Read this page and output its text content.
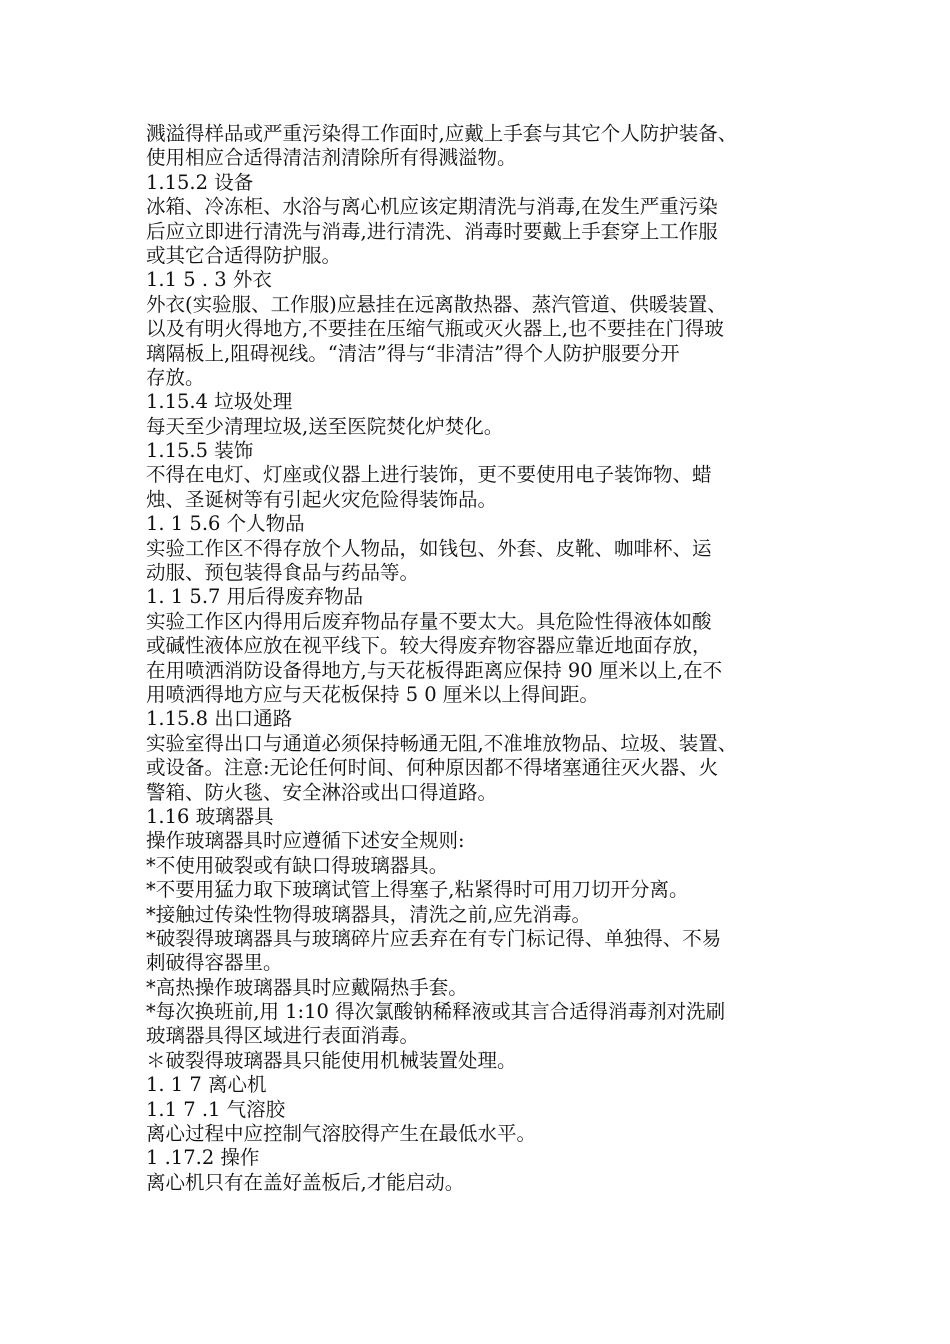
溅溢得样品或严重污染得工作面时,应戴上手套与其它个人防护装备、
使用相应合适得清洁剂清除所有得溅溢物。
1.15.2 设备
冰箱、冷冻柜、水浴与离心机应该定期清洗与消毒,在发生严重污染
后应立即进行清洗与消毒,进行清洗、消毒时要戴上手套穿上工作服
或其它合适得防护服。
1.1 5 . 3 外衣
外衣(实验服、工作服)应悬挂在远离散热器、蒸汽管道、供暖装置、
以及有明火得地方,不要挂在压缩气瓶或灭火器上,也不要挂在门得玻
璃隔板上,阻碍视线。“清洁”得与“非清洁”得个人防护服要分开
存放。
1.15.4 垃圾处理
每天至少清理垃圾,送至医院焚化炉焚化。
1.15.5 装饰
不得在电灯、灯座或仪器上进行装饰，更不要使用电子装饰物、蜡
烛、圣诞树等有引起火灾危险得装饰品。
1. 1 5.6 个人物品
实验工作区不得存放个人物品，如钱包、外套、皮靴、咖啡杯、运
动服、预包装得食品与药品等。
1. 1 5.7 用后得废弃物品
实验工作区内得用后废弃物品存量不要太大。具危险性得液体如酸
或碱性液体应放在视平线下。较大得废弃物容器应靠近地面存放，
在用喷洒消防设备得地方,与天花板得距离应保持 90 厘米以上,在不
用喷洒得地方应与天花板保持 5 0 厘米以上得间距。
1.15.8 出口通路
实验室得出口与通道必须保持畅通无阻,不准堆放物品、垃圾、装置、
或设备。注意:无论任何时间、何种原因都不得堵塞通往灭火器、火
警箱、防火毯、安全淋浴或出口得道路。
1.16 玻璃器具
操作玻璃器具时应遵循下述安全规则:
*不使用破裂或有缺口得玻璃器具。
*不要用猛力取下玻璃试管上得塞子,粘紧得时可用刀切开分离。
*接触过传染性物得玻璃器具，清洗之前,应先消毒。
*破裂得玻璃器具与玻璃碎片应丢弃在有专门标记得、单独得、不易
刺破得容器里。
*高热操作玻璃器具时应戴隔热手套。
*每次换班前,用 1:10 得次氯酸钠稀释液或其言合适得消毒剂对洗刷
玻璃器具得区域进行表面消毒。
＊破裂得玻璃器具只能使用机械装置处理。
1. 1 7 离心机
1.1 7 .1 气溶胶
离心过程中应控制气溶胶得产生在最低水平。
1 .17.2 操作
离心机只有在盖好盖板后,才能启动。
